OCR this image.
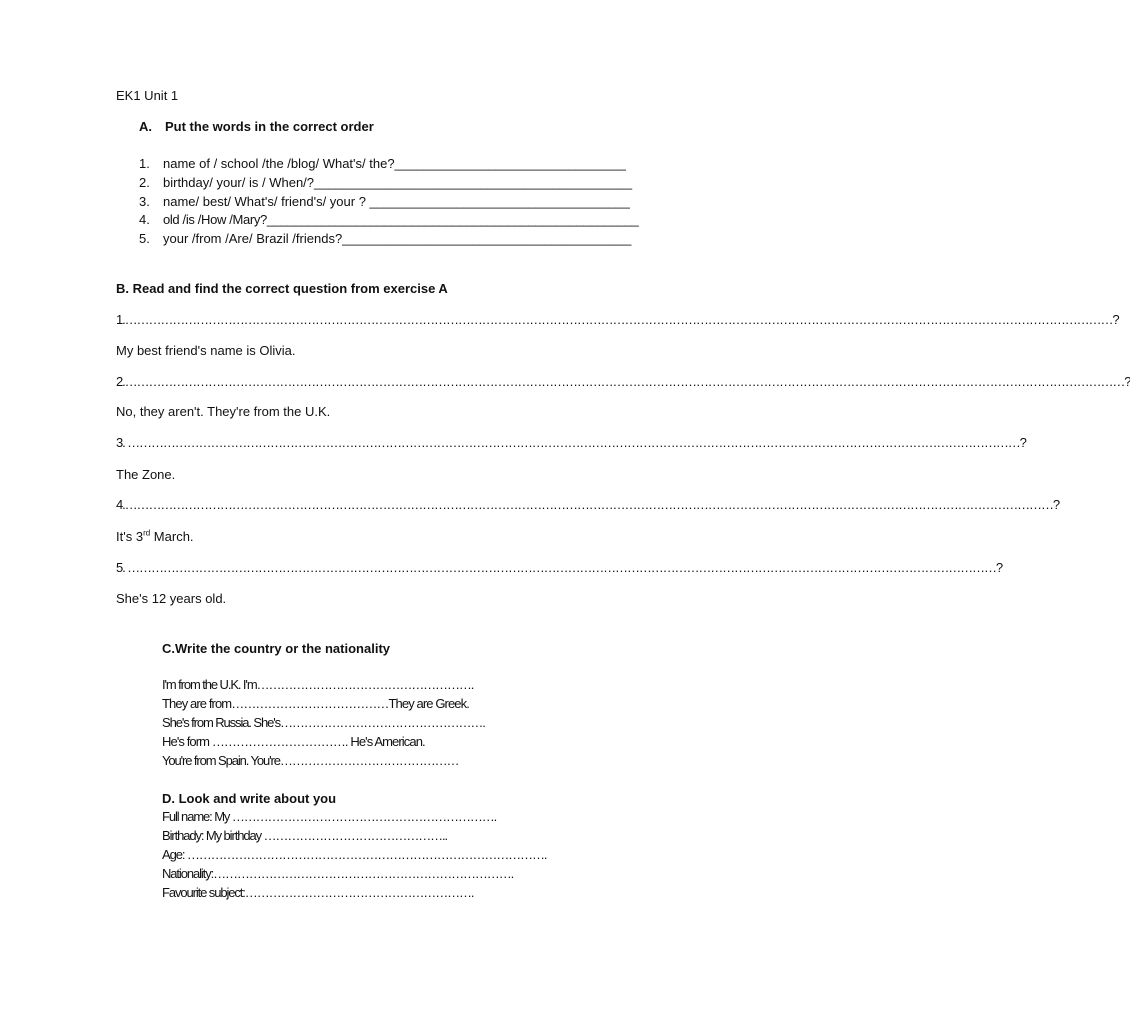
EK1 Unit 1
A. Put the words in the correct order
1. name of / school /the /blog/ What's/ the?________________________________
2. birthday/ your/ is / When/?____________________________________________
3. name/ best/ What's/ friend's/ your ? ____________________________________
4. old /is /How /Mary?______________________________________________________
5. your /from /Are/ Brazil /friends?________________________________________
B. Read and find the correct question from exercise A
1.……………………………………………………………………………………………………………………………………………………………………………………………………………………………?
My best friend's name is Olivia.
2.………………………………………………………………………………………………………………………………………………………………………………………………………………………………?
No, they aren't. They're from the U.K.
3. ………………………………………………………………………………………………………………………………………………………………………………………………………?
The Zone.
4.………………………………………………………………………………………………………………………………………………………………………………………………………………?
It's 3rd March.
5. …………………………………………………………………………………………………………………………………………………………………………………………………?
She's 12 years old.
C.Write the country or the nationality
I'm from the U.K. I'm……………………………………………….
They are from…………………………………They are Greek.
She's from Russia. She's…………………………………………….
He's form ……………………………. He's American.
You're from Spain. You're………………………………………
D. Look and write about you
Full name: My ………………………………………………………….
Birthady: My birthday ………………………………………..
Age: ……………………………………………………………………………….
Nationality:………………………………………………………………….
Favourite subject:………………………………………………….
